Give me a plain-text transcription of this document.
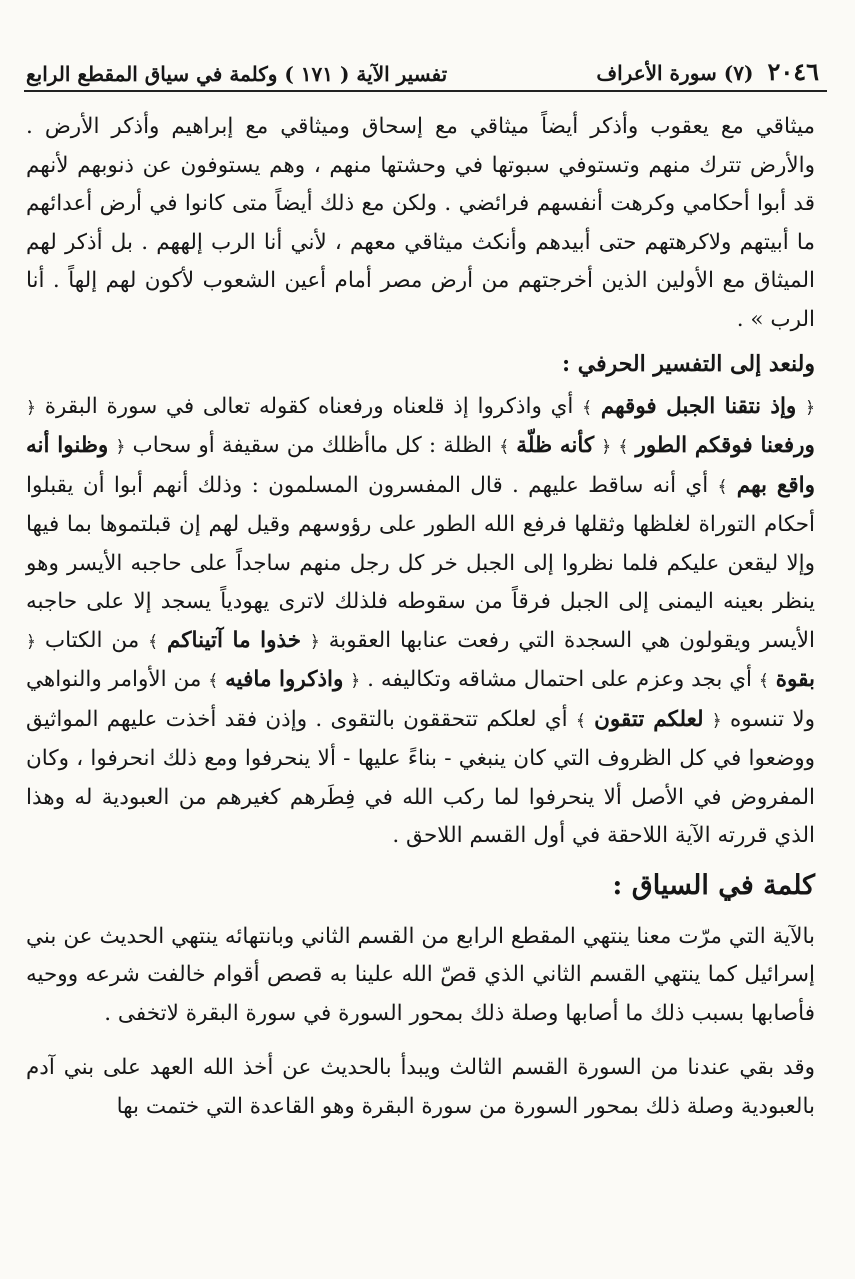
٢٠٤٦
(٧) سورة الأعراف
تفسير الآية ( ١٧١ ) وكلمة في سياق المقطع الرابع

ميثاقي مع يعقوب وأذكر أيضاً ميثاقي مع إسحاق وميثاقي مع إبراهيم وأذكر الأرض . والأرض تترك منهم وتستوفي سبوتها في وحشتها منهم ، وهم يستوفون عن ذنوبهم لأنهم قد أبوا أحكامي وكرهت أنفسهم فرائضي . ولكن مع ذلك أيضاً متى كانوا في أرض أعدائهم ما أبيتهم ولاكرهتهم حتى أبيدهم وأنكث ميثاقي معهم ، لأني أنا الرب إلههم . بل أذكر لهم الميثاق مع الأولين الذين أخرجتهم من أرض مصر أمام أعين الشعوب لأكون لهم إلهاً . أنا الرب » .

ولنعد إلى التفسير الحرفي :

﴿ وإذ نتقنا الجبل فوقهم ﴾ أي واذكروا إذ قلعناه ورفعناه كقوله تعالى في سورة البقرة ﴿ ورفعنا فوقكم الطور ﴾ ﴿ كأنه ظلّة ﴾ الظلة : كل ماأظلك من سقيفة أو سحاب ﴿ وظنوا أنه واقع بهم ﴾ أي أنه ساقط عليهم . قال المفسرون المسلمون : وذلك أنهم أبوا أن يقبلوا أحكام التوراة لغلظها وثقلها فرفع الله الطور على رؤوسهم وقيل لهم إن قبلتموها بما فيها وإلا ليقعن عليكم فلما نظروا إلى الجبل خر كل رجل منهم ساجداً على حاجبه الأيسر وهو ينظر بعينه اليمنى إلى الجبل فرقاً من سقوطه فلذلك لاترى يهودياً يسجد إلا على حاجبه الأيسر ويقولون هي السجدة التي رفعت عنابها العقوبة ﴿ خذوا ما آتيناكم ﴾ من الكتاب ﴿ بقوة ﴾ أي بجد وعزم على احتمال مشاقه وتكاليفه . ﴿ واذكروا مافيه ﴾ من الأوامر والنواهي ولا تنسوه ﴿ لعلكم تتقون ﴾ أي لعلكم تتحققون بالتقوى . وإذن فقد أخذت عليهم المواثيق ووضعوا في كل الظروف التي كان ينبغي - بناءً عليها - ألا ينحرفوا ومع ذلك انحرفوا ، وكان المفروض في الأصل ألا ينحرفوا لما ركب الله في فِطَرهم كغيرهم من العبودية له وهذا الذي قررته الآية اللاحقة في أول القسم اللاحق .

كلمة في السياق :

بالآية التي مرّت معنا ينتهي المقطع الرابع من القسم الثاني وبانتهائه ينتهي الحديث عن بني إسرائيل كما ينتهي القسم الثاني الذي قصّ الله علينا به قصص أقوام خالفت شرعه ووحيه فأصابها بسبب ذلك ما أصابها وصلة ذلك بمحور السورة في سورة البقرة لاتخفى .

وقد بقي عندنا من السورة القسم الثالث ويبدأ بالحديث عن أخذ الله العهد على بني آدم بالعبودية وصلة ذلك بمحور السورة من سورة البقرة وهو القاعدة التي ختمت بها
